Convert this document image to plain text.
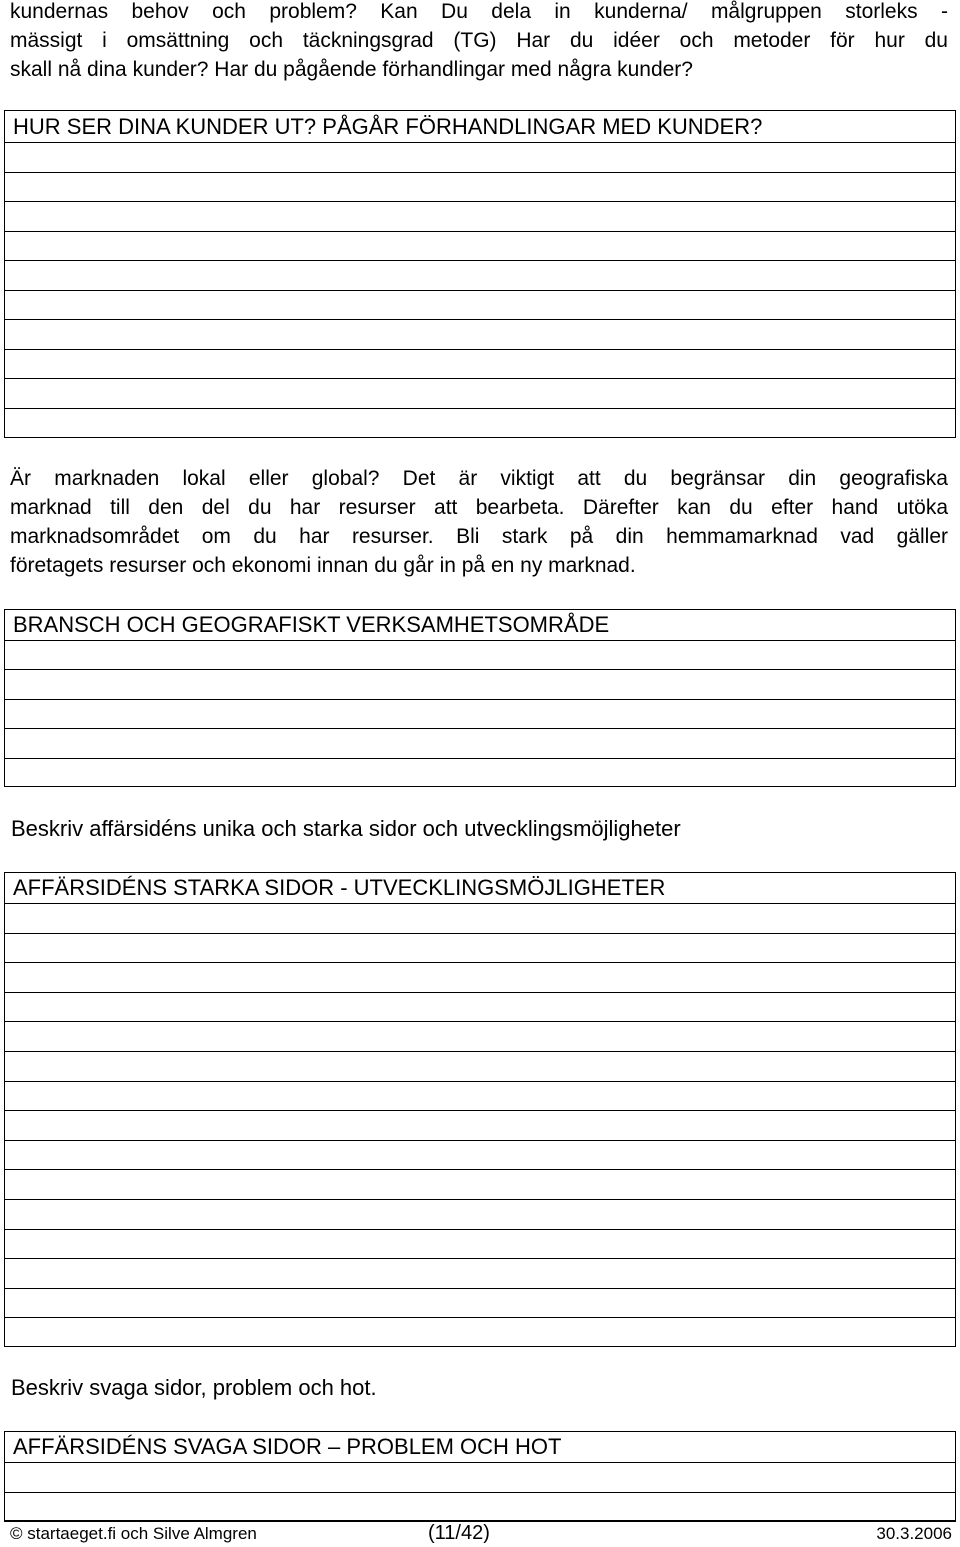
kundernas behov och problem? Kan Du dela in kunderna/ målgruppen storleks -
mässigt i omsättning och täckningsgrad (TG) Har du idéer och metoder för hur du
skall nå dina kunder? Har du pågående förhandlingar med några kunder?

HUR SER DINA KUNDER UT? PÅGÅR FÖRHANDLINGAR MED KUNDER?

Är marknaden lokal eller global? Det är viktigt att du begränsar din geografiska
marknad till den del du har resurser att bearbeta. Därefter kan du efter hand utöka
marknadsområdet om du har resurser. Bli stark på din hemmamarknad vad gäller
företagets resurser och ekonomi innan du går in på en ny marknad.

BRANSCH OCH GEOGRAFISKT VERKSAMHETSOMRÅDE

Beskriv affärsidéns unika och starka sidor och utvecklingsmöjligheter

AFFÄRSIDÉNS STARKA SIDOR - UTVECKLINGSMÖJLIGHETER

Beskriv svaga sidor, problem och hot.

AFFÄRSIDÉNS SVAGA SIDOR – PROBLEM OCH HOT
© startaeget.fi och Silve Almgren	(11/42)	30.3.2006
